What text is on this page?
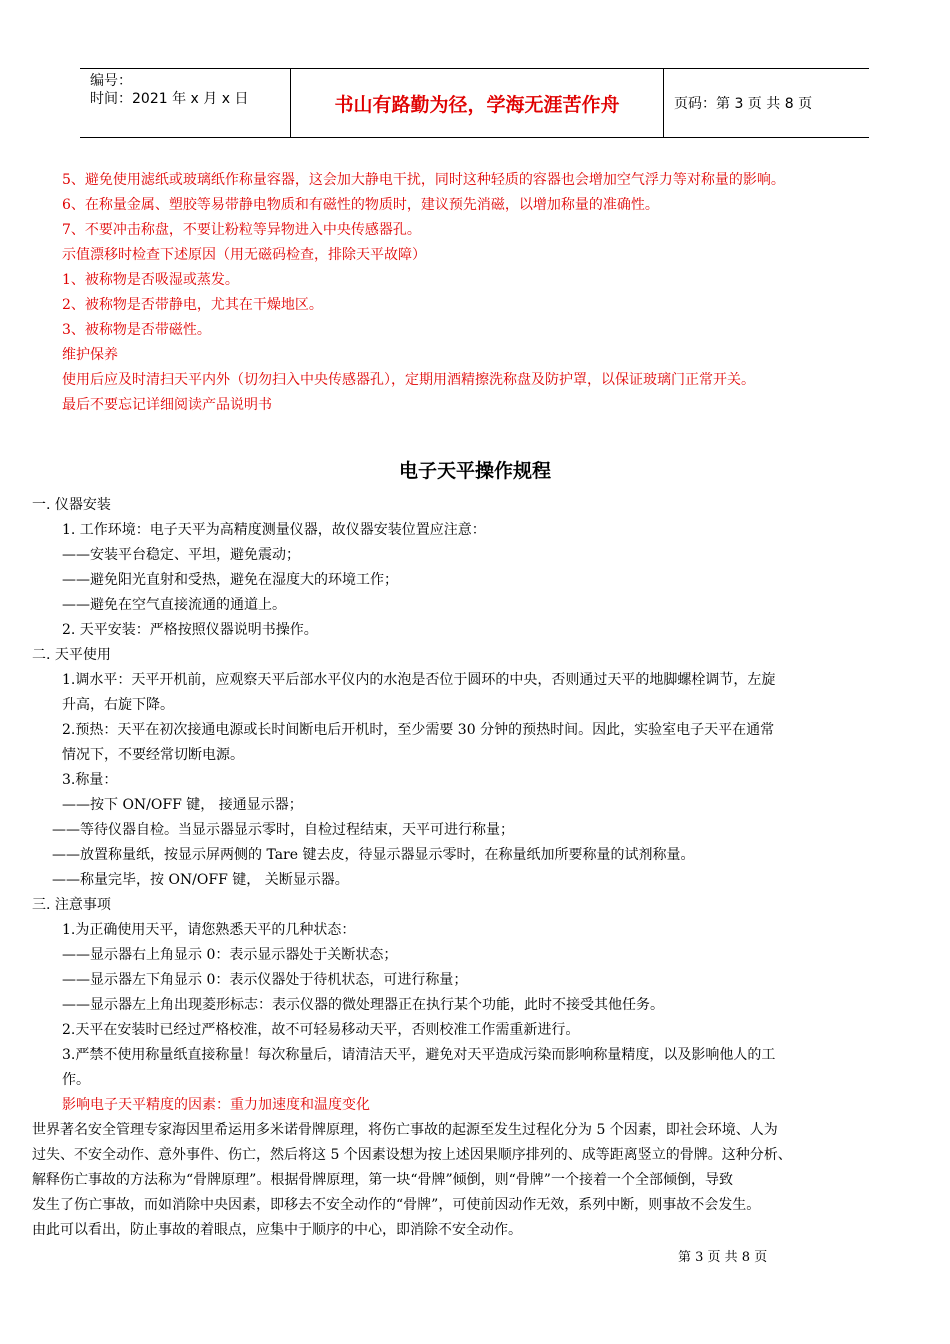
编号：
时间：2021 年 x 月 x 日	书山有路勤为径，学海无涯苦作舟	页码：第 3 页 共 8 页
5、避免使用滤纸或玻璃纸作称量容器，这会加大静电干扰，同时这种轻质的容器也会增加空气浮力等对称量的影响。
6、在称量金属、塑胶等易带静电物质和有磁性的物质时，建议预先消磁，以增加称量的准确性。
7、不要冲击称盘，不要让粉粒等异物进入中央传感器孔。
示值漂移时检查下述原因（用无磁码检查，排除天平故障）
1、被称物是否吸湿或蒸发。
2、被称物是否带静电，尤其在干燥地区。
3、被称物是否带磁性。
维护保养
使用后应及时清扫天平内外（切勿扫入中央传感器孔），定期用酒精擦洗称盘及防护罩，以保证玻璃门正常开关。
最后不要忘记详细阅读产品说明书
电子天平操作规程
一. 仪器安装
1. 工作环境：电子天平为高精度测量仪器，故仪器安装位置应注意：
——安装平台稳定、平坦，避免震动；
——避免阳光直射和受热，避免在湿度大的环境工作；
——避免在空气直接流通的通道上。
2. 天平安装：严格按照仪器说明书操作。
二. 天平使用
1.调水平：天平开机前，应观察天平后部水平仪内的水泡是否位于圆环的中央，否则通过天平的地脚螺栓调节，左旋
升高，右旋下降。
2.预热：天平在初次接通电源或长时间断电后开机时，至少需要 30 分钟的预热时间。因此，实验室电子天平在通常
情况下，不要经常切断电源。
3.称量：
——按下 ON/OFF 键， 接通显示器；
——等待仪器自检。当显示器显示零时，自检过程结束，天平可进行称量；
——放置称量纸，按显示屏两侧的 Tare 键去皮，待显示器显示零时，在称量纸加所要称量的试剂称量。
——称量完毕，按 ON/OFF 键， 关断显示器。
三. 注意事项
1.为正确使用天平，请您熟悉天平的几种状态：
——显示器右上角显示 0：表示显示器处于关断状态；
——显示器左下角显示 0：表示仪器处于待机状态，可进行称量；
——显示器左上角出现菱形标志：表示仪器的微处理器正在执行某个功能，此时不接受其他任务。
2.天平在安装时已经过严格校准，故不可轻易移动天平，否则校准工作需重新进行。
3.严禁不使用称量纸直接称量！每次称量后，请清洁天平，避免对天平造成污染而影响称量精度，以及影响他人的工
作。
影响电子天平精度的因素：重力加速度和温度变化
世界著名安全管理专家海因里希运用多米诺骨牌原理，将伤亡事故的起源至发生过程化分为 5 个因素，即社会环境、人为
过失、不安全动作、意外事件、伤亡，然后将这 5 个因素设想为按上述因果顺序排列的、成等距离竖立的骨牌。这种分析、
解释伤亡事故的方法称为“骨牌原理”。根据骨牌原理，第一块“骨牌”倾倒，则“骨牌”一个接着一个全部倾倒，导致
发生了伤亡事故，而如消除中央因素，即移去不安全动作的“骨牌”，可使前因动作无效，系列中断，则事故不会发生。
由此可以看出，防止事故的着眼点，应集中于顺序的中心，即消除不安全动作。
第 3 页 共 8 页
